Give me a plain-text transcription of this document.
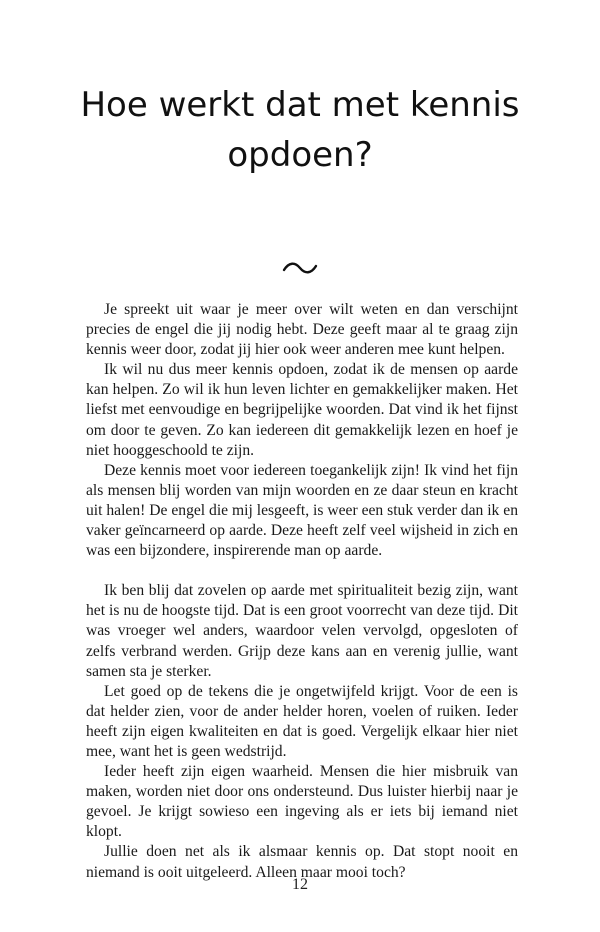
Hoe werkt dat met kennis
opdoen?

Je spreekt uit waar je meer over wilt weten en dan verschijnt precies de engel die jij nodig hebt. Deze geeft maar al te graag zijn kennis weer door, zodat jij hier ook weer anderen mee kunt helpen.

Ik wil nu dus meer kennis opdoen, zodat ik de mensen op aarde kan helpen. Zo wil ik hun leven lichter en gemakkelijker maken. Het liefst met eenvoudige en begrijpelijke woorden. Dat vind ik het fijnst om door te geven. Zo kan iedereen dit gemakkelijk lezen en hoef je niet hooggeschoold te zijn.

Deze kennis moet voor iedereen toegankelijk zijn! Ik vind het fijn als mensen blij worden van mijn woorden en ze daar steun en kracht uit halen! De engel die mij lesgeeft, is weer een stuk verder dan ik en vaker geïncarneerd op aarde. Deze heeft zelf veel wijsheid in zich en was een bijzondere, inspirerende man op aarde.

Ik ben blij dat zovelen op aarde met spiritualiteit bezig zijn, want het is nu de hoogste tijd. Dat is een groot voorrecht van deze tijd. Dit was vroeger wel anders, waardoor velen vervolgd, opgesloten of zelfs verbrand werden. Grijp deze kans aan en verenig jullie, want samen sta je sterker.

Let goed op de tekens die je ongetwijfeld krijgt. Voor de een is dat helder zien, voor de ander helder horen, voelen of ruiken. Ieder heeft zijn eigen kwaliteiten en dat is goed. Vergelijk elkaar hier niet mee, want het is geen wedstrijd.

Ieder heeft zijn eigen waarheid. Mensen die hier misbruik van maken, worden niet door ons ondersteund. Dus luister hierbij naar je gevoel. Je krijgt sowieso een ingeving als er iets bij iemand niet klopt.

Jullie doen net als ik alsmaar kennis op. Dat stopt nooit en niemand is ooit uitgeleerd. Alleen maar mooi toch?

12
